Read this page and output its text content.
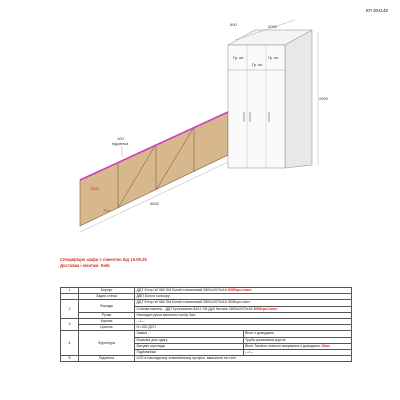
КП 304145
Гр. кн.
Гр. кн.
Гр. кн.
2000
600
2900
100
підсвітка
2000
700
4840
Специфіцію шафи с панеллю від 19.05.25
Доставка і монтаж: Київ
1	Корпус	ДДТ Еггер W 980 SM Білий платиновий 2800х2070х18 3535грн./лист	
	Задня стінка	ДВП Білого кольору	
2	Фасади	ДДТ Еггер W 980 SM Білий платиновий 2800х2070х18 3535грн./лист	
		Стінова панель - ДДТ Кроношпан 8431 SN Дуб Натане 2800х2070х18 3068грн./лист	
	Ручки	Накладні ручки віконного колір 3шт.	
3	Карниз	---/---	
	Цоколь	H=100 ДСП	
4	Фурнітура	Завіси	Blum з доводжою
		Вішалка для одягу	Труба хромована кругла
		Висувні шухляди	Blum Tandem повного висування з доводжою 10шт.
		Підйомники	---/---
5	Підсвітка	LED в накладному алюмінієвому профілі, вмикання на стіні	
